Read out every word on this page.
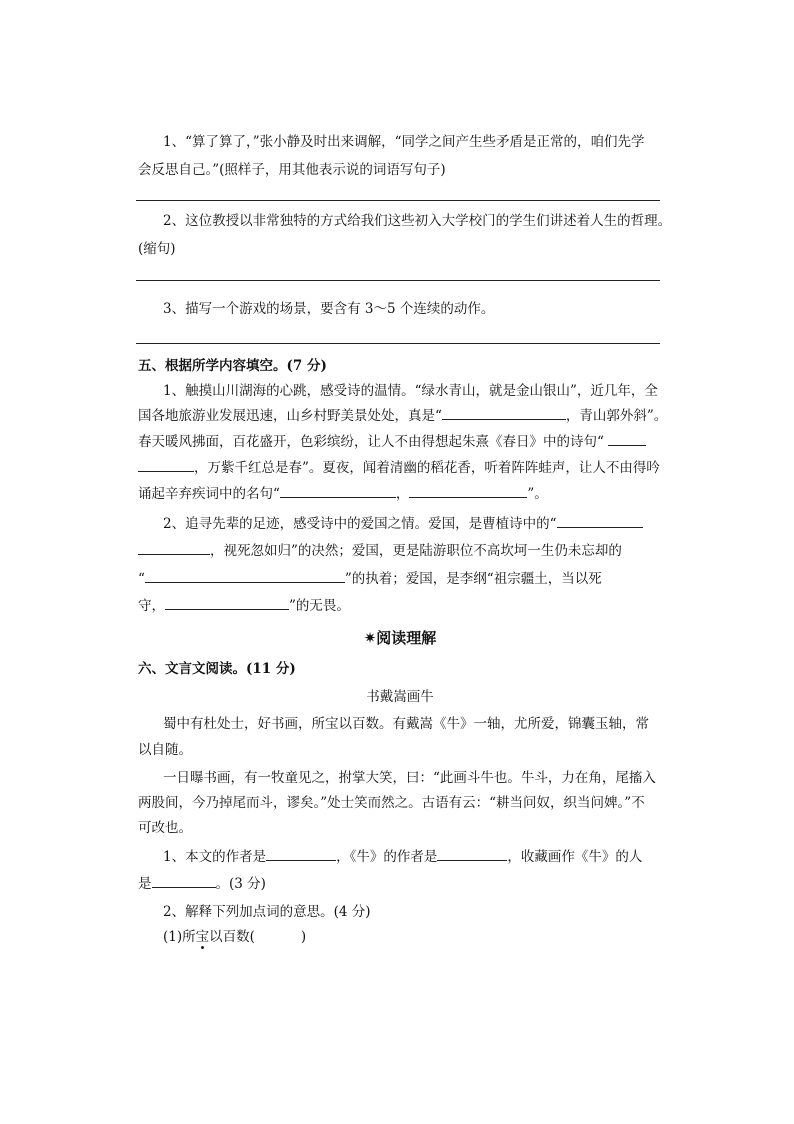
1、“算了算了，”张小静及时出来调解，“同学之间产生些矛盾是正常的，咱们先学
会反思自己。”(照样子，用其他表示说的词语写句子)
2、这位教授以非常独特的方式给我们这些初入大学校门的学生们讲述着人生的哲理。
(缩句)
3、描写一个游戏的场景，要含有 3～5 个连续的动作。
五、根据所学内容填空。(7 分)
1、触摸山川湖海的心跳，感受诗的温情。“绿水青山，就是金山银山”，近几年，全
国各地旅游业发展迅速，山乡村野美景处处，真是“	，青山郭外斜”。
春天暖风拂面，百花盛开，色彩缤纷，让人不由得想起朱熹《春日》中的诗句“
，万紫千红总是春”。夏夜，闻着清幽的稻花香，听着阵阵蛙声，让人不由得吟
诵起辛弃疾词中的名句“	，	”。
2、追寻先辈的足迹，感受诗中的爱国之情。爱国，是曹植诗中的“
，视死忽如归”的决然；爱国，更是陆游职位不高坎坷一生仍未忘却的
“	”的执着；爱国，是李纲“祖宗疆土，当以死
守，	”的无畏。
✷阅读理解
六、文言文阅读。(11 分)
书戴嵩画牛
蜀中有杜处士，好书画，所宝以百数。有戴嵩《牛》一轴，尤所爱，锦囊玉轴，常
以自随。
一日曝书画，有一牧童见之，拊掌大笑，曰：“此画斗牛也。牛斗，力在角，尾搐入
两股间，今乃掉尾而斗，谬矣。”处士笑而然之。古语有云：“耕当问奴，织当问婢。”不
可改也。
1、本文的作者是	，《牛》的作者是	，收藏画作《牛》的人
是	。(3 分)
2、解释下列加点词的意思。(4 分)
(1)所宝以百数(	)
